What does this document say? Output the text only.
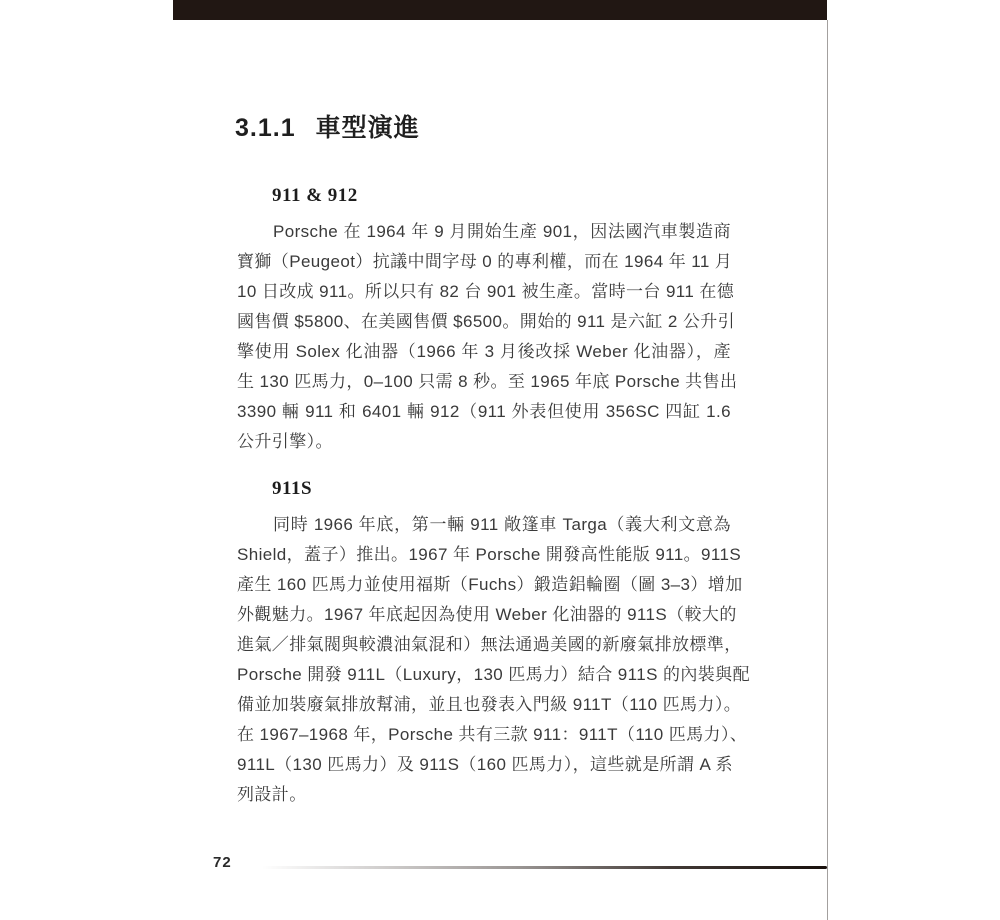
3.1.1 車型演進
911 & 912
Porsche 在 1964 年 9 月開始生產 901，因法國汽車製造商
寶獅（Peugeot）抗議中間字母 0 的專利權，而在 1964 年 11 月
10 日改成 911。所以只有 82 台 901 被生產。當時一台 911 在德
國售價 $5800、在美國售價 $6500。開始的 911 是六缸 2 公升引
擎使用 Solex 化油器（1966 年 3 月後改採 Weber 化油器），產
生 130 匹馬力，0–100 只需 8 秒。至 1965 年底 Porsche 共售出
3390 輛 911 和 6401 輛 912（911 外表但使用 356SC 四缸 1.6
公升引擎）。
911S
同時 1966 年底，第一輛 911 敞篷車 Targa（義大利文意為
Shield，蓋子）推出。1967 年 Porsche 開發高性能版 911。911S
產生 160 匹馬力並使用福斯（Fuchs）鍛造鋁輪圈（圖 3–3）增加
外觀魅力。1967 年底起因為使用 Weber 化油器的 911S（較大的
進氣／排氣閥與較濃油氣混和）無法通過美國的新廢氣排放標準，
Porsche 開發 911L（Luxury，130 匹馬力）結合 911S 的內裝與配
備並加裝廢氣排放幫浦，並且也發表入門級 911T（110 匹馬力）。
在 1967–1968 年，Porsche 共有三款 911：911T（110 匹馬力）、
911L（130 匹馬力）及 911S（160 匹馬力），這些就是所謂 A 系
列設計。
72
